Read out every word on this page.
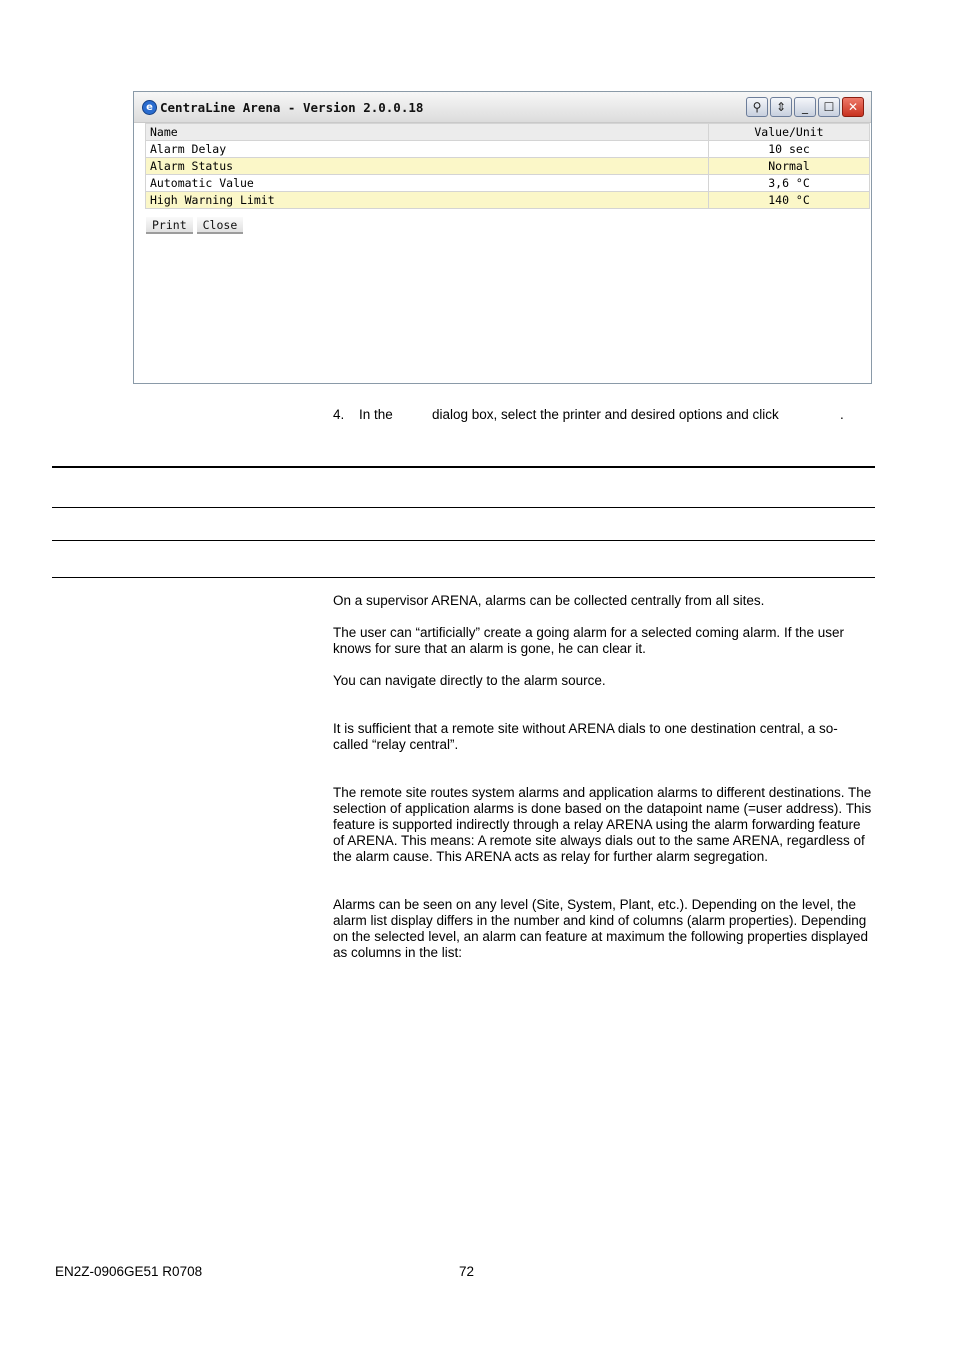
e CentraLine Arena - Version 2.0.0.18	⚲	⇕	_	☐	✕
Name	Value/Unit
Alarm Delay	10 sec
Alarm Status	Normal
Automatic Value	3,6 °C
High Warning Limit	140 °C
Print	Close
4. In the	dialog box, select the printer and desired options and click	.

On a supervisor ARENA, alarms can be collected centrally from all sites.

The user can “artificially” create a going alarm for a selected coming alarm. If the user knows for sure that an alarm is gone, he can clear it.

You can navigate directly to the alarm source.

It is sufficient that a remote site without ARENA dials to one destination central, a so-called “relay central”.

The remote site routes system alarms and application alarms to different destinations. The selection of application alarms is done based on the datapoint name (=user address). This feature is supported indirectly through a relay ARENA using the alarm forwarding feature of ARENA. This means: A remote site always dials out to the same ARENA, regardless of the alarm cause. This ARENA acts as relay for further alarm segregation.

Alarms can be seen on any level (Site, System, Plant, etc.). Depending on the level, the alarm list display differs in the number and kind of columns (alarm properties). Depending on the selected level, an alarm can feature at maximum the following properties displayed as columns in the list:

EN2Z-0906GE51 R0708	72
